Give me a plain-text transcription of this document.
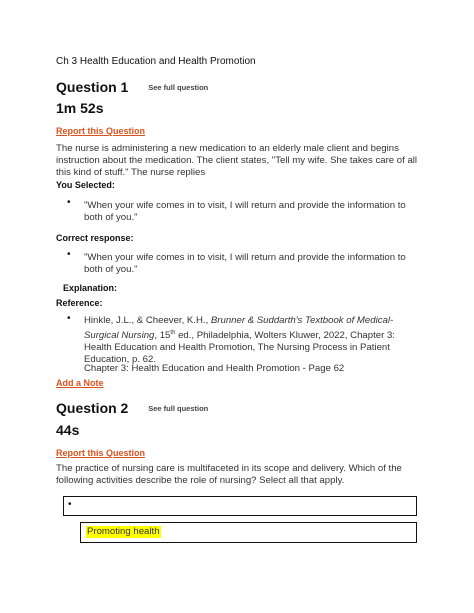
Ch 3 Health Education and Health Promotion
Question 1	See full question
1m 52s
Report this Question
The nurse is administering a new medication to an elderly male client and begins instruction about the medication. The client states, "Tell my wife. She takes care of all this kind of stuff." The nurse replies
You Selected:
• "When your wife comes in to visit, I will return and provide the information to both of you."
Correct response:
• "When your wife comes in to visit, I will return and provide the information to both of you."
Explanation:
Reference:
• Hinkle, J.L., & Cheever, K.H., Brunner & Suddarth's Textbook of Medical-Surgical Nursing, 15th ed., Philadelphia, Wolters Kluwer, 2022, Chapter 3: Health Education and Health Promotion, The Nursing Process in Patient Education, p. 62.
Chapter 3: Health Education and Health Promotion - Page 62
Add a Note
Question 2	See full question
44s
Report this Question
The practice of nursing care is multifaceted in its scope and delivery. Which of the following activities describe the role of nursing? Select all that apply.
•
Promoting health
